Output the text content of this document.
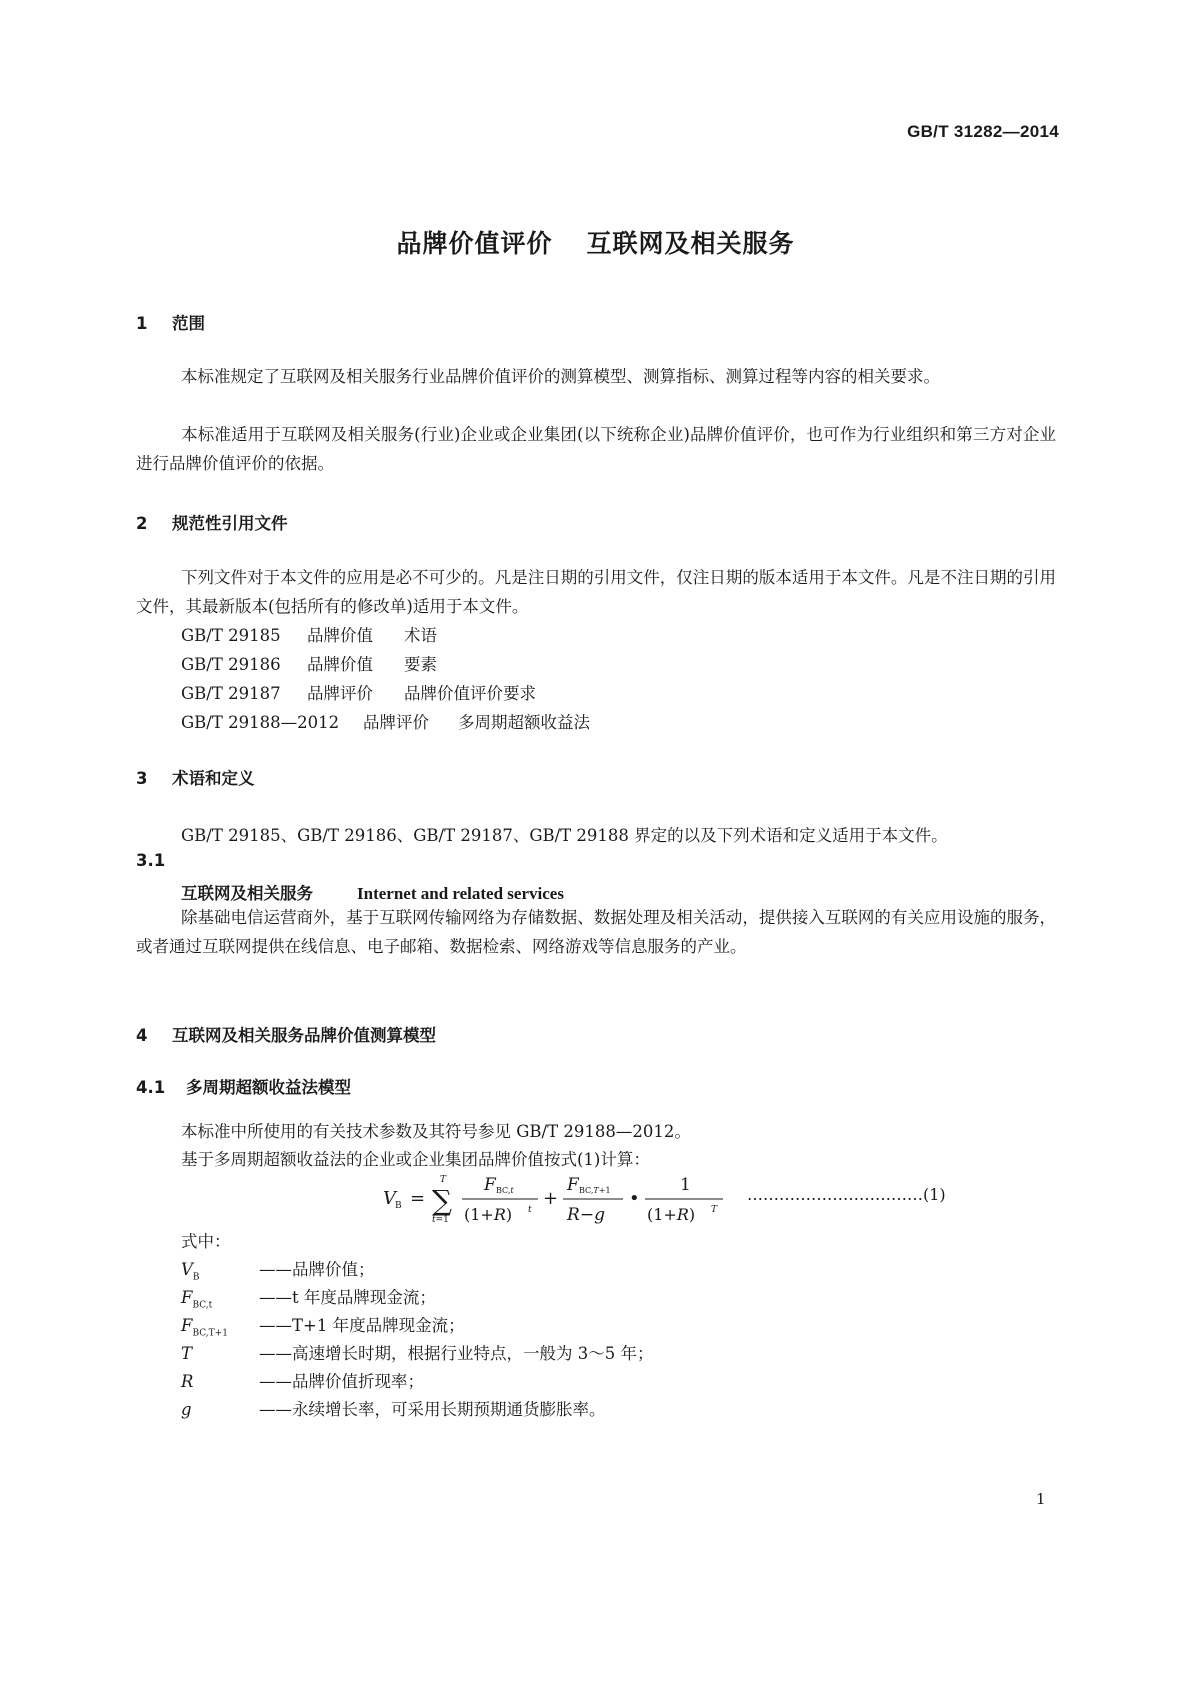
GB/T 31282—2014
品牌价值评价 互联网及相关服务
1 范围
本标准规定了互联网及相关服务行业品牌价值评价的测算模型、测算指标、测算过程等内容的相关要求。
本标准适用于互联网及相关服务(行业)企业或企业集团(以下统称企业)品牌价值评价，也可作为行业组织和第三方对企业进行品牌价值评价的依据。
2 规范性引用文件
下列文件对于本文件的应用是必不可少的。凡是注日期的引用文件，仅注日期的版本适用于本文件。凡是不注日期的引用文件，其最新版本(包括所有的修改单)适用于本文件。
GB/T 29185 品牌价值 术语
GB/T 29186 品牌价值 要素
GB/T 29187 品牌评价 品牌价值评价要求
GB/T 29188—2012 品牌评价 多周期超额收益法
3 术语和定义
GB/T 29185、GB/T 29186、GB/T 29187、GB/T 29188 界定的以及下列术语和定义适用于本文件。
3.1
互联网及相关服务	Internet and related services
除基础电信运营商外，基于互联网传输网络为存储数据、数据处理及相关活动，提供接入互联网的有关应用设施的服务，或者通过互联网提供在线信息、电子邮箱、数据检索、网络游戏等信息服务的产业。
4 互联网及相关服务品牌价值测算模型
4.1 多周期超额收益法模型
本标准中所使用的有关技术参数及其符号参见 GB/T 29188—2012。
基于多周期超额收益法的企业或企业集团品牌价值按式(1)计算：
V B = ∑
T
t=1
F BC,t
(1+R) t
+
F BC,T+1
R−g
•
1
(1+R) T
……………………………(1)
式中：
$V_B$	——品牌价值；
$F_{BC,t}$	——t 年度品牌现金流；
$F_{BC,T+1}$ ——T+1 年度品牌现金流；
T	——高速增长时期，根据行业特点，一般为 3～5 年；
R	——品牌价值折现率；
g	——永续增长率，可采用长期预期通货膨胀率。
1
